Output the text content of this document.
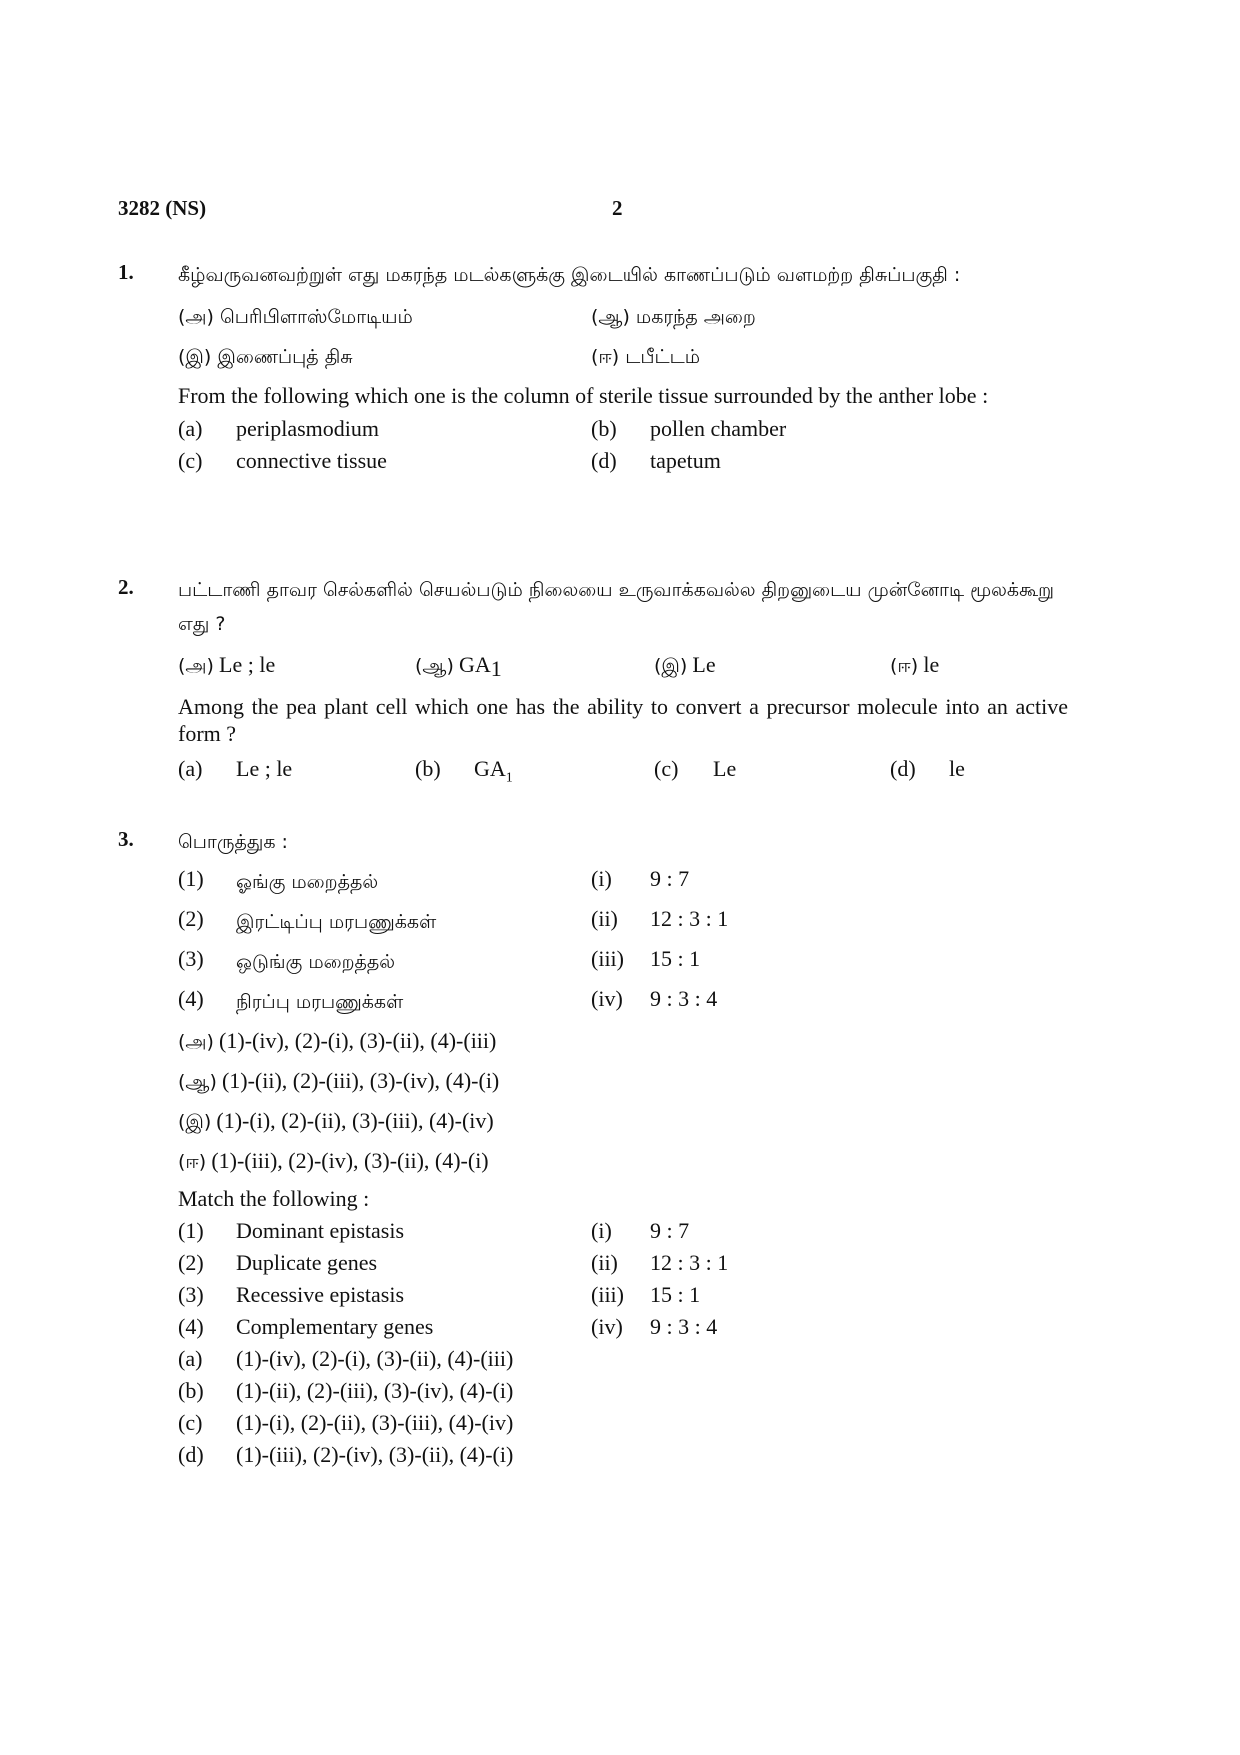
3282 (NS)	2
1. கீழ்வருவனவற்றுள் எது மகரந்த மடல்களுக்கு இடையில் காணப்படும் வளமற்ற திசுப்பகுதி :
(அ) பெரிபிளாஸ்மோடியம்	(ஆ) மகரந்த அறை
(இ) இணைப்புத் திசு	(ஈ) டபீட்டம்
From the following which one is the column of sterile tissue surrounded by the anther lobe :
(a) periplasmodium	(b) pollen chamber
(c) connective tissue	(d) tapetum
2. பட்டாணி தாவர செல்களில் செயல்படும் நிலையை உருவாக்கவல்ல திறனுடைய முன்னோடி மூலக்கூறு எது ?
(அ) Le ; le	(ஆ) $GA_1$	(இ) Le	(ஈ) le
Among the pea plant cell which one has the ability to convert a precursor molecule into an active form ?
(a) Le ; le	(b) $GA_1$	(c) Le	(d) le
3. பொருத்துக :
(1) ஓங்கு மறைத்தல்	(i) 9 : 7
(2) இரட்டிப்பு மரபணுக்கள்	(ii) 12 : 3 : 1
(3) ஒடுங்கு மறைத்தல்	(iii) 15 : 1
(4) நிரப்பு மரபணுக்கள்	(iv) 9 : 3 : 4
(அ) (1)-(iv), (2)-(i), (3)-(ii), (4)-(iii)
(ஆ) (1)-(ii), (2)-(iii), (3)-(iv), (4)-(i)
(இ) (1)-(i), (2)-(ii), (3)-(iii), (4)-(iv)
(ஈ) (1)-(iii), (2)-(iv), (3)-(ii), (4)-(i)
Match the following :
(1) Dominant epistasis	(i) 9 : 7
(2) Duplicate genes	(ii) 12 : 3 : 1
(3) Recessive epistasis	(iii) 15 : 1
(4) Complementary genes	(iv) 9 : 3 : 4
(a) (1)-(iv), (2)-(i), (3)-(ii), (4)-(iii)
(b) (1)-(ii), (2)-(iii), (3)-(iv), (4)-(i)
(c) (1)-(i), (2)-(ii), (3)-(iii), (4)-(iv)
(d) (1)-(iii), (2)-(iv), (3)-(ii), (4)-(i)
